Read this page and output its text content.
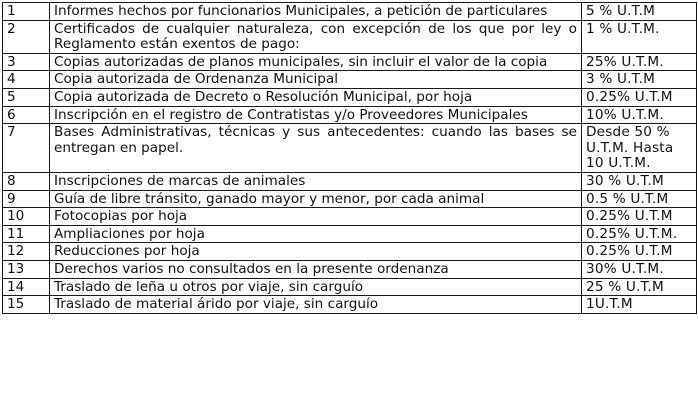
1	Informes hechos por funcionarios Municipales, a petición de particulares	5 % U.T.M
2	Certificados de cualquier naturaleza, con excepción de los que por ley o Reglamento están exentos de pago:	1 % U.T.M.
3	Copias autorizadas de planos municipales, sin incluir el valor de la copia	25% U.T.M.
4	Copia autorizada de Ordenanza Municipal	3 % U.T.M
5	Copia autorizada de Decreto o Resolución Municipal, por hoja	0.25% U.T.M
6	Inscripción en el registro de Contratistas y/o Proveedores Municipales	10% U.T.M.
7	Bases Administrativas, técnicas y sus antecedentes: cuando las bases se entregan en papel.	Desde 50 % U.T.M. Hasta 10 U.T.M.
8	Inscripciones de marcas de animales	30 % U.T.M
9	Guía de libre tránsito, ganado mayor y menor, por cada animal	0.5 % U.T.M
10	Fotocopias por hoja	0.25% U.T.M
11	Ampliaciones por hoja	0.25% U.T.M.
12	Reducciones por hoja	0.25% U.T.M
13	Derechos varios no consultados en la presente ordenanza	30% U.T.M.
14	Traslado de leña u otros por viaje, sin carguío	25 % U.T.M
15	Traslado de material árido por viaje, sin carguío	1U.T.M
